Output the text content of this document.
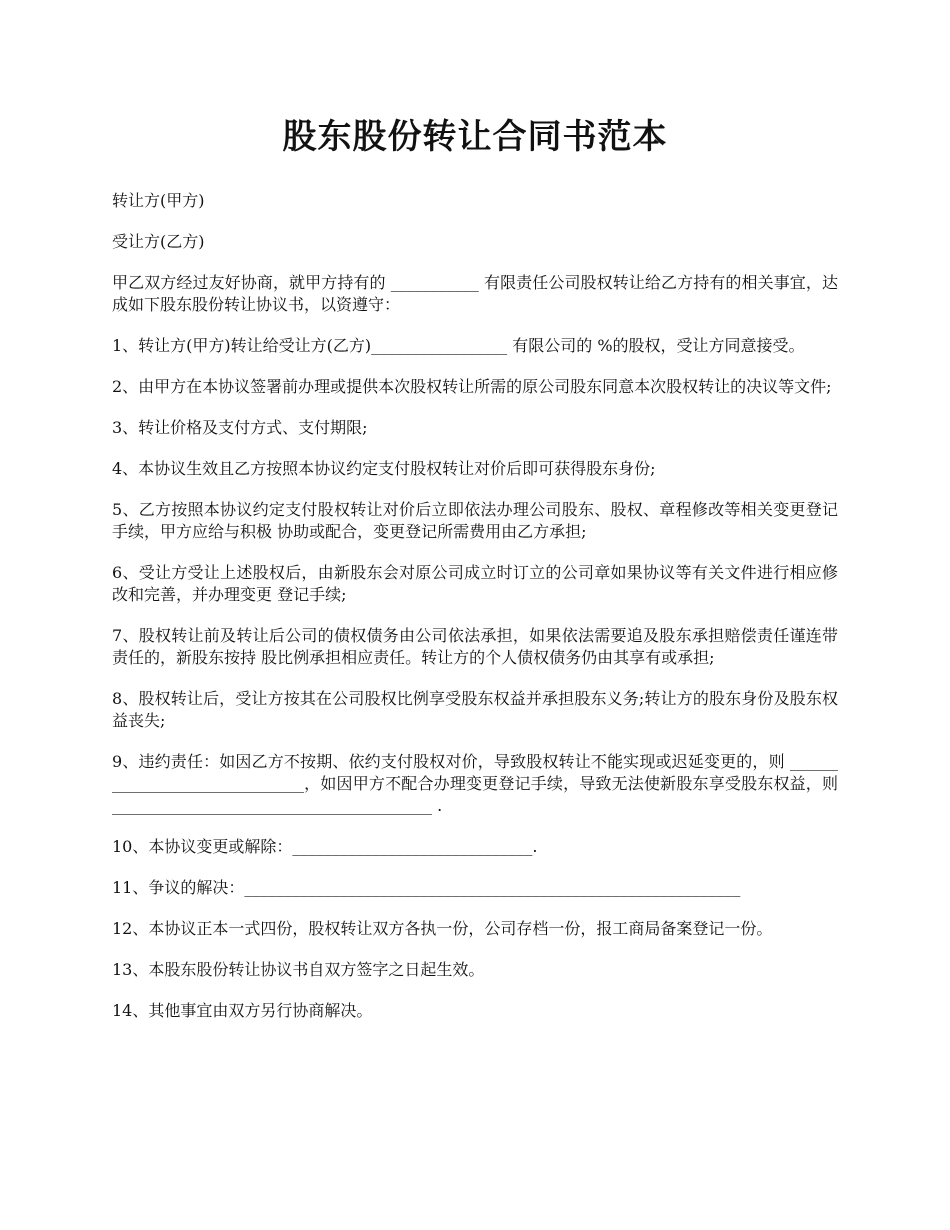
股东股份转让合同书范本

转让方(甲方)

受让方(乙方)

甲乙双方经过友好协商，就甲方持有的 ___________ 有限责任公司股权转让给乙方持有的相关事宜，达成如下股东股份转让协议书，以资遵守：

1、转让方(甲方)转让给受让方(乙方)_________________ 有限公司的 %的股权，受让方同意接受。

2、由甲方在本协议签署前办理或提供本次股权转让所需的原公司股东同意本次股权转让的决议等文件;

3、转让价格及支付方式、支付期限;

4、本协议生效且乙方按照本协议约定支付股权转让对价后即可获得股东身份;

5、乙方按照本协议约定支付股权转让对价后立即依法办理公司股东、股权、章程修改等相关变更登记手续，甲方应给与积极 协助或配合，变更登记所需费用由乙方承担;

6、受让方受让上述股权后，由新股东会对原公司成立时订立的公司章如果协议等有关文件进行相应修改和完善，并办理变更 登记手续;

7、股权转让前及转让后公司的债权债务由公司依法承担，如果依法需要追及股东承担赔偿责任谨连带责任的，新股东按持 股比例承担相应责任。转让方的个人债权债务仍由其享有或承担;

8、股权转让后，受让方按其在公司股权比例享受股东权益并承担股东义务;转让方的股东身份及股东权益丧失;

9、违约责任：如因乙方不按期、依约支付股权对价，导致股权转让不能实现或迟延变更的，则 ______________________________，如因甲方不配合办理变更登记手续，导致无法使新股东享受股东权益，则 ________________________________________ .

10、本协议变更或解除：______________________________.

11、争议的解决：______________________________________________________________

12、本协议正本一式四份，股权转让双方各执一份，公司存档一份，报工商局备案登记一份。

13、本股东股份转让协议书自双方签字之日起生效。

14、其他事宜由双方另行协商解决。
